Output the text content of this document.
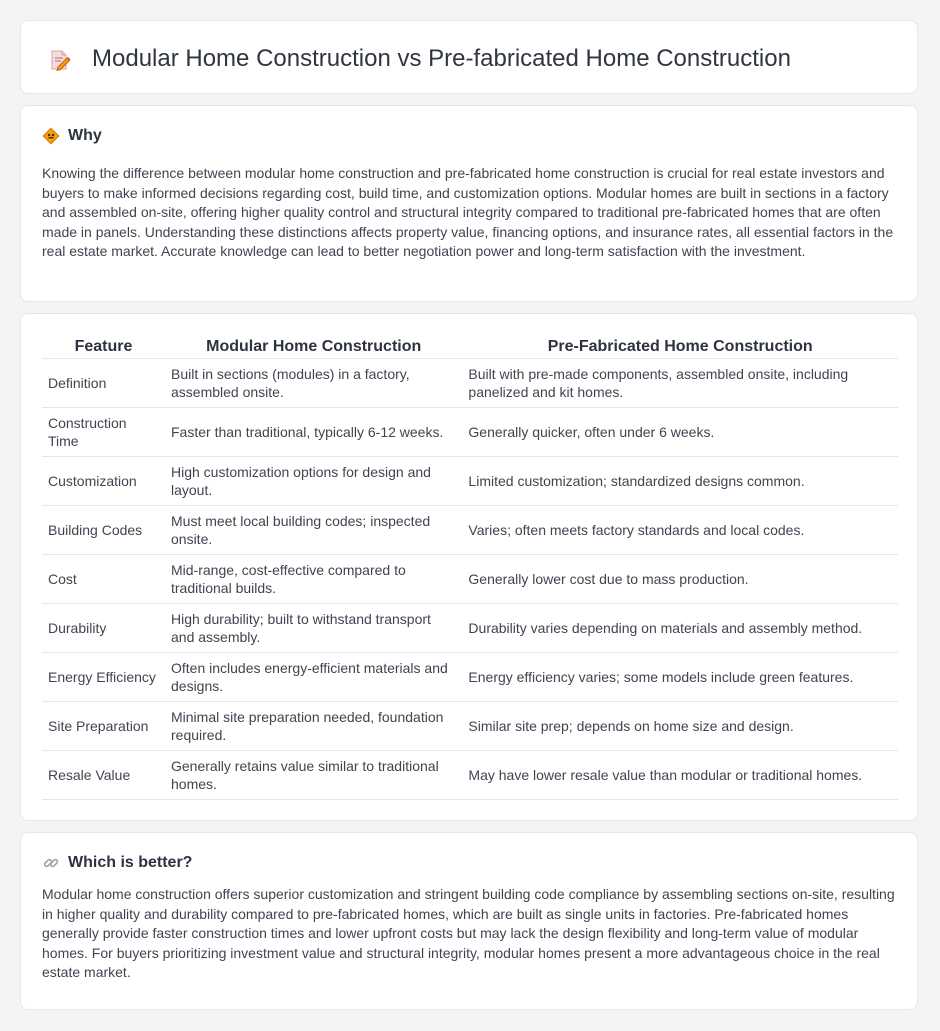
Modular Home Construction vs Pre-fabricated Home Construction
Why

Knowing the difference between modular home construction and pre-fabricated home construction is crucial for real estate investors and buyers to make informed decisions regarding cost, build time, and customization options. Modular homes are built in sections in a factory and assembled on-site, offering higher quality control and structural integrity compared to traditional pre-fabricated homes that are often made in panels. Understanding these distinctions affects property value, financing options, and insurance rates, all essential factors in the real estate market. Accurate knowledge can lead to better negotiation power and long-term satisfaction with the investment.

Feature	Modular Home Construction	Pre-Fabricated Home Construction
Definition	Built in sections (modules) in a factory, assembled onsite.	Built with pre-made components, assembled onsite, including panelized and kit homes.
Construction Time	Faster than traditional, typically 6-12 weeks.	Generally quicker, often under 6 weeks.
Customization	High customization options for design and layout.	Limited customization; standardized designs common.
Building Codes	Must meet local building codes; inspected onsite.	Varies; often meets factory standards and local codes.
Cost	Mid-range, cost-effective compared to traditional builds.	Generally lower cost due to mass production.
Durability	High durability; built to withstand transport and assembly.	Durability varies depending on materials and assembly method.
Energy Efficiency	Often includes energy-efficient materials and designs.	Energy efficiency varies; some models include green features.
Site Preparation	Minimal site preparation needed, foundation required.	Similar site prep; depends on home size and design.
Resale Value	Generally retains value similar to traditional homes.	May have lower resale value than modular or traditional homes.
Which is better?

Modular home construction offers superior customization and stringent building code compliance by assembling sections on-site, resulting in higher quality and durability compared to pre-fabricated homes, which are built as single units in factories. Pre-fabricated homes generally provide faster construction times and lower upfront costs but may lack the design flexibility and long-term value of modular homes. For buyers prioritizing investment value and structural integrity, modular homes present a more advantageous choice in the real estate market.
